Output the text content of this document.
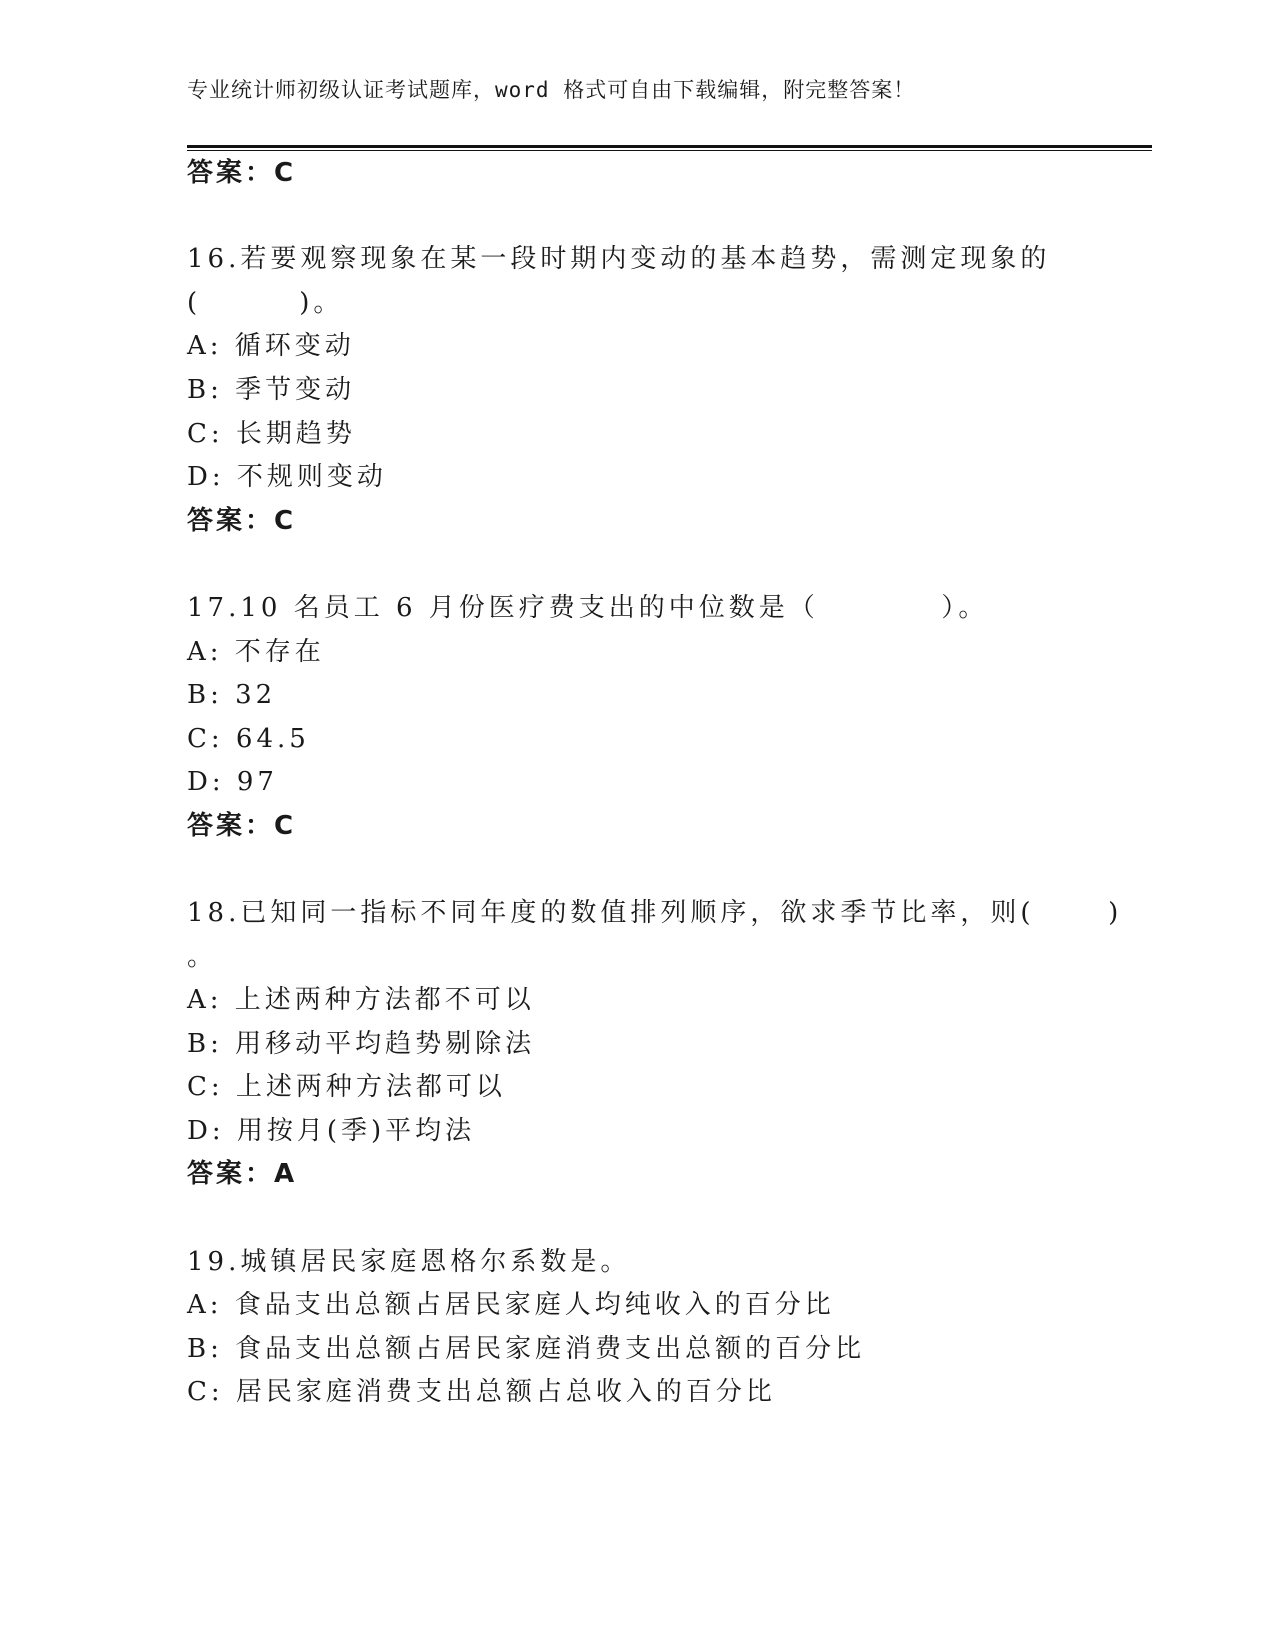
专业统计师初级认证考试题库，word 格式可自由下载编辑，附完整答案！
答案：C
16.若要观察现象在某一段时期内变动的基本趋势，需测定现象的
(        )。
A: 循环变动
B: 季节变动
C: 长期趋势
D: 不规则变动
答案：C
17.10 名员工 6 月份医疗费支出的中位数是（          ）。
A: 不存在
B: 32
C: 64.5
D: 97
答案：C
18.已知同一指标不同年度的数值排列顺序，欲求季节比率，则(      )
。
A: 上述两种方法都不可以
B: 用移动平均趋势剔除法
C: 上述两种方法都可以
D: 用按月(季)平均法
答案：A
19.城镇居民家庭恩格尔系数是。
A: 食品支出总额占居民家庭人均纯收入的百分比
B: 食品支出总额占居民家庭消费支出总额的百分比
C: 居民家庭消费支出总额占总收入的百分比
